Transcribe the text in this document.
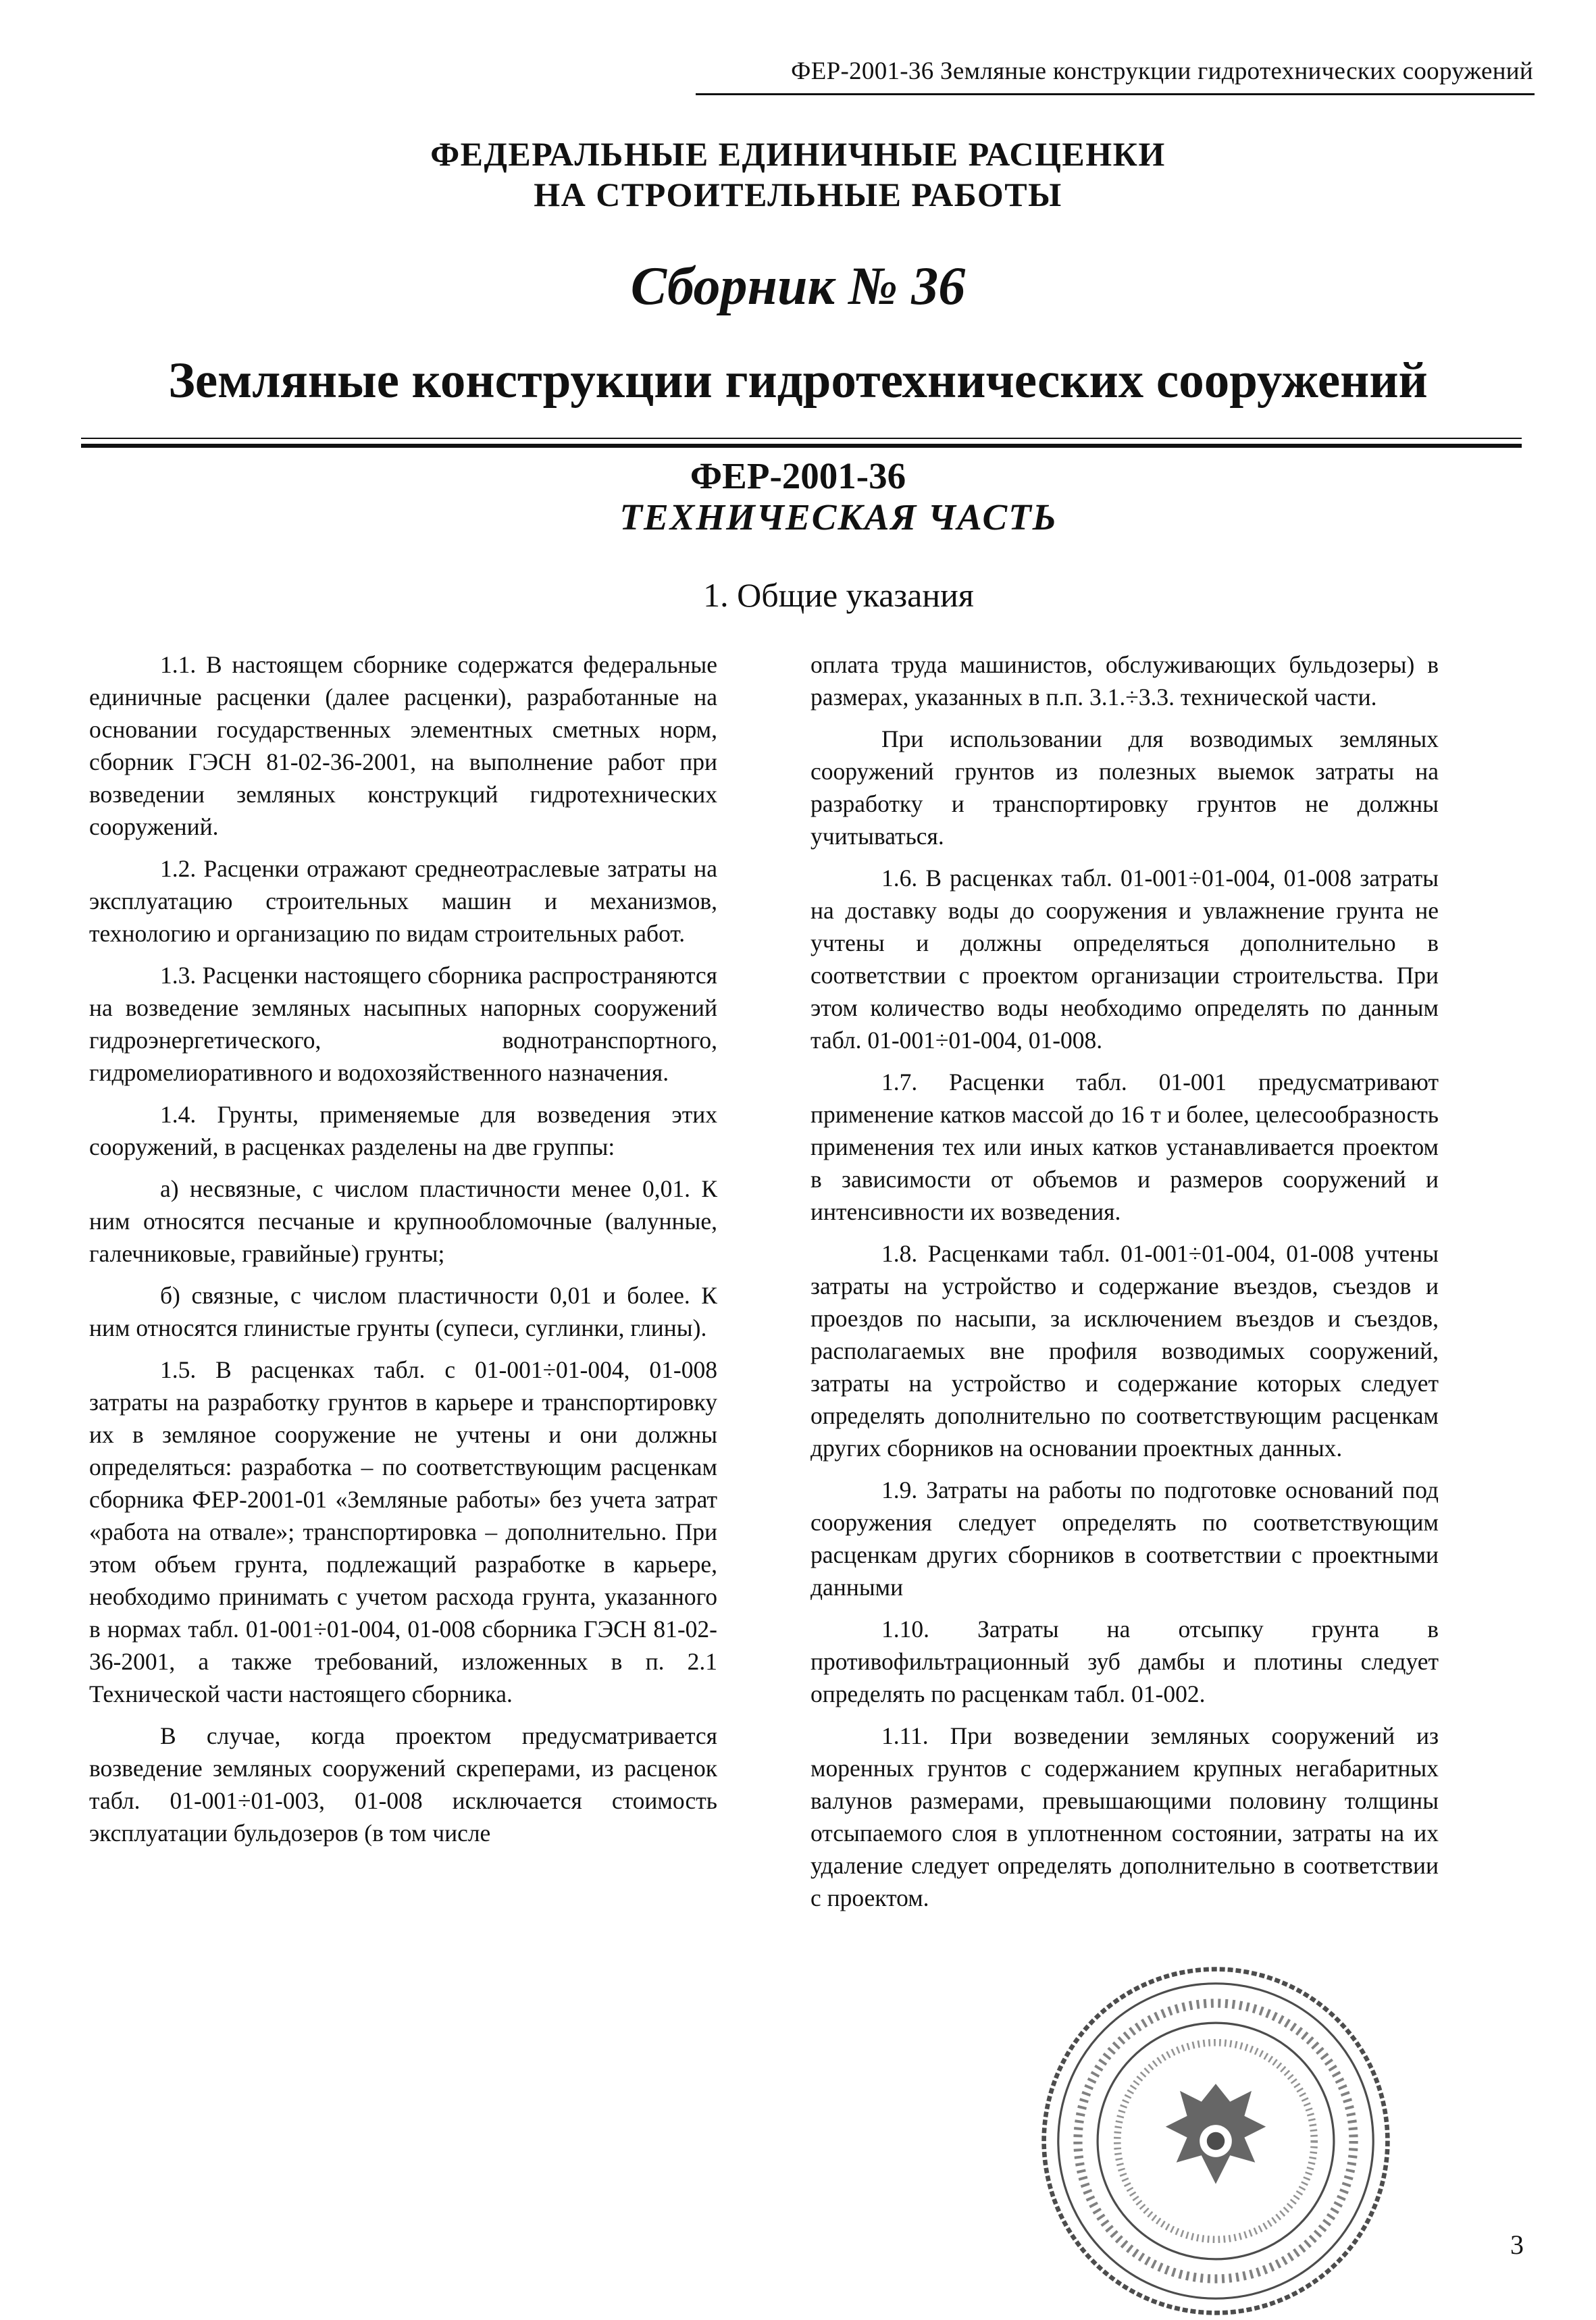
ФЕР-2001-36 Земляные конструкции гидротехнических сооружений
ФЕДЕРАЛЬНЫЕ ЕДИНИЧНЫЕ РАСЦЕНКИ
НА СТРОИТЕЛЬНЫЕ РАБОТЫ
Сборник № 36
Земляные конструкции гидротехнических сооружений
ФЕР-2001-36
ТЕХНИЧЕСКАЯ ЧАСТЬ
1. Общие указания

1.1. В настоящем сборнике содержатся федеральные единичные расценки (далее расценки), разработанные на основании государственных элементных сметных норм, сборник ГЭСН 81-02-36-2001, на выполнение работ при возведении земляных конструкций гидротехнических сооружений.

1.2. Расценки отражают среднеотраслевые затраты на эксплуатацию строительных машин и механизмов, технологию и организацию по видам строительных работ.

1.3. Расценки настоящего сборника распространяются на возведение земляных насыпных напорных сооружений гидроэнергетического, воднотранспортного, гидромелиоративного и водохозяйственного назначения.

1.4. Грунты, применяемые для возведения этих сооружений, в расценках разделены на две группы:

а) несвязные, с числом пластичности менее 0,01. К ним относятся песчаные и крупнообломочные (валунные, галечниковые, гравийные) грунты;

б) связные, с числом пластичности 0,01 и более. К ним относятся глинистые грунты (супеси, суглинки, глины).

1.5. В расценках табл. с 01-001÷01-004, 01-008 затраты на разработку грунтов в карьере и транспортировку их в земляное сооружение не учтены и они должны определяться: разработка – по соответствующим расценкам сборника ФЕР-2001-01 «Земляные работы» без учета затрат «работа на отвале»; транспортировка – дополнительно. При этом объем грунта, подлежащий разработке в карьере, необходимо принимать с учетом расхода грунта, указанного в нормах табл. 01-001÷01-004, 01-008 сборника ГЭСН 81-02-36-2001, а также требований, изложенных в п. 2.1 Технической части настоящего сборника.

В случае, когда проектом предусматривается возведение земляных сооружений скреперами, из расценок табл. 01-001÷01-003, 01-008 исключается стоимость эксплуатации бульдозеров (в том числе

оплата труда машинистов, обслуживающих бульдозеры) в размерах, указанных в п.п. 3.1.÷3.3. технической части.

При использовании для возводимых земляных сооружений грунтов из полезных выемок затраты на разработку и транспортировку грунтов не должны учитываться.

1.6. В расценках табл. 01-001÷01-004, 01-008 затраты на доставку воды до сооружения и увлажнение грунта не учтены и должны определяться дополнительно в соответствии с проектом организации строительства. При этом количество воды необходимо определять по данным табл. 01-001÷01-004, 01-008.

1.7. Расценки табл. 01-001 предусматривают применение катков массой до 16 т и более, целесообразность применения тех или иных катков устанавливается проектом в зависимости от объемов и размеров сооружений и интенсивности их возведения.

1.8. Расценками табл. 01-001÷01-004, 01-008 учтены затраты на устройство и содержание въездов, съездов и проездов по насыпи, за исключением въездов и съездов, располагаемых вне профиля возводимых сооружений, затраты на устройство и содержание которых следует определять дополнительно по соответствующим расценкам других сборников на основании проектных данных.

1.9. Затраты на работы по подготовке оснований под сооружения следует определять по соответствующим расценкам других сборников в соответствии с проектными данными

1.10. Затраты на отсыпку грунта в противофильтрационный зуб дамбы и плотины следует определять по расценкам табл. 01-002.

1.11. При возведении земляных сооружений из моренных грунтов с содержанием крупных негабаритных валунов размерами, превышающими половину толщины отсыпаемого слоя в уплотненном состоянии, затраты на их удаление следует определять дополнительно в соответствии с проектом.

3
